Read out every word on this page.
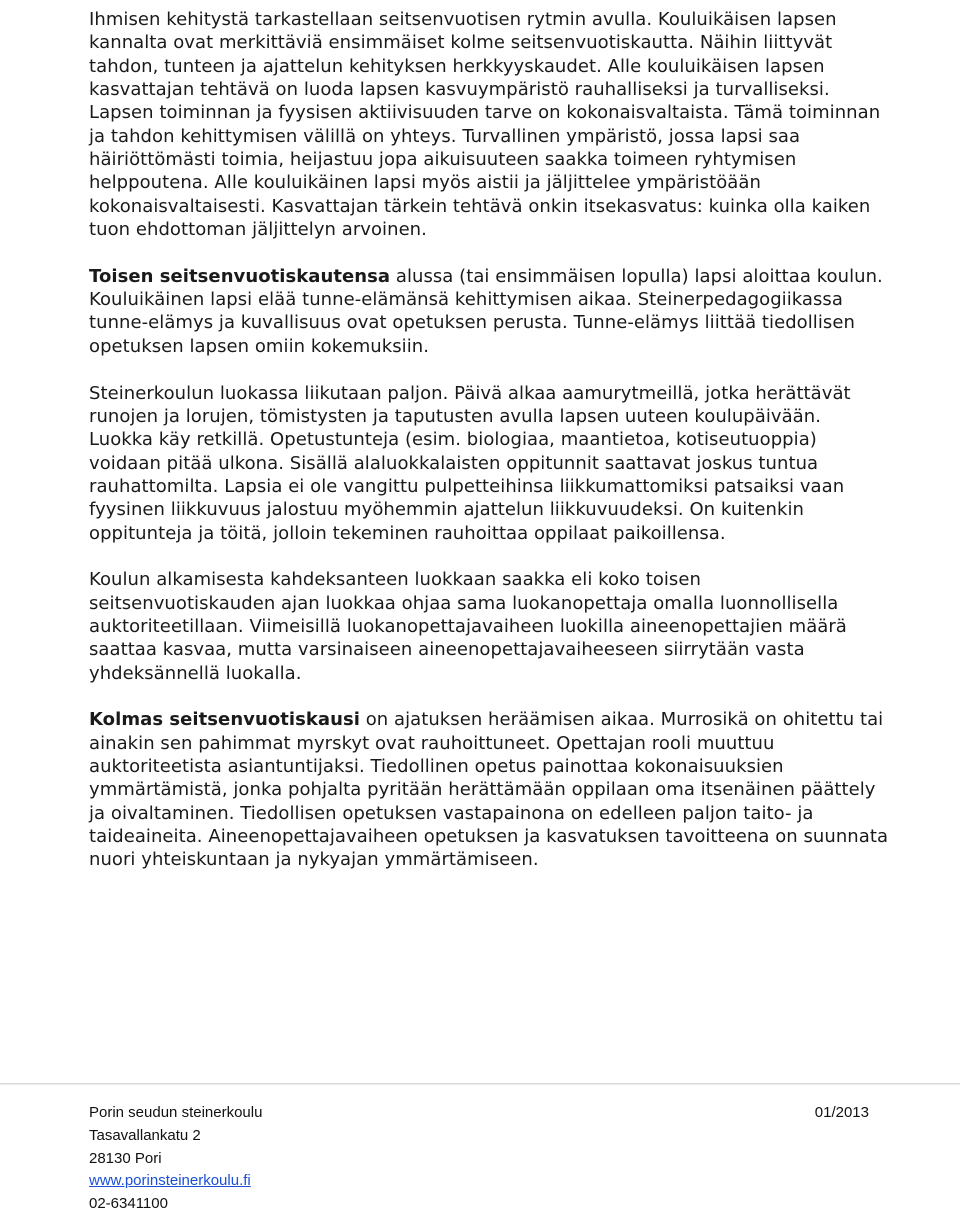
Ihmisen kehitystä tarkastellaan seitsenvuotisen rytmin avulla. Kouluikäisen lapsen kannalta ovat merkittäviä ensimmäiset kolme seitsenvuotiskautta. Näihin liittyvät tahdon, tunteen ja ajattelun kehityksen herkkyyskaudet. Alle kouluikäisen lapsen kasvattajan tehtävä on luoda lapsen kasvuympäristö rauhalliseksi ja turvalliseksi. Lapsen toiminnan ja fyysisen aktiivisuuden tarve on kokonaisvaltaista. Tämä toiminnan ja tahdon kehittymisen välillä on yhteys. Turvallinen ympäristö, jossa lapsi saa häiriöttömästi toimia, heijastuu jopa aikuisuuteen saakka toimeen ryhtymisen helppoutena. Alle kouluikäinen lapsi myös aistii ja jäljittelee ympäristöään kokonaisvaltaisesti. Kasvattajan tärkein tehtävä onkin itsekasvatus: kuinka olla kaiken tuon ehdottoman jäljittelyn arvoinen.

Toisen seitsenvuotiskautensa alussa (tai ensimmäisen lopulla) lapsi aloittaa koulun. Kouluikäinen lapsi elää tunne-elämänsä kehittymisen aikaa. Steinerpedagogiikassa tunne-elämys ja kuvallisuus ovat opetuksen perusta. Tunne-elämys liittää tiedollisen opetuksen lapsen omiin kokemuksiin.

Steinerkoulun luokassa liikutaan paljon. Päivä alkaa aamurytmeillä, jotka herättävät runojen ja lorujen, tömistysten ja taputusten avulla lapsen uuteen koulupäivään. Luokka käy retkillä. Opetustunteja (esim. biologiaa, maantietoa, kotiseutuoppia) voidaan pitää ulkona. Sisällä alaluokkalaisten oppitunnit saattavat joskus tuntua rauhattomilta. Lapsia ei ole vangittu pulpetteihinsa liikkumattomiksi patsaiksi vaan fyysinen liikkuvuus jalostuu myöhemmin ajattelun liikkuvuudeksi. On kuitenkin oppitunteja ja töitä, jolloin tekeminen rauhoittaa oppilaat paikoillensa.

Koulun alkamisesta kahdeksanteen luokkaan saakka eli koko toisen seitsenvuotiskauden ajan luokkaa ohjaa sama luokanopettaja omalla luonnollisella auktoriteetillaan. Viimeisillä luokanopettajavaiheen luokilla aineenopettajien määrä saattaa kasvaa, mutta varsinaiseen aineenopettajavaiheeseen siirrytään vasta yhdeksännellä luokalla.

Kolmas seitsenvuotiskausi on ajatuksen heräämisen aikaa. Murrosikä on ohitettu tai ainakin sen pahimmat myrskyt ovat rauhoittuneet. Opettajan rooli muuttuu auktoriteetista asiantuntijaksi. Tiedollinen opetus painottaa kokonaisuuksien ymmärtämistä, jonka pohjalta pyritään herättämään oppilaan oma itsenäinen päättely ja oivaltaminen. Tiedollisen opetuksen vastapainona on edelleen paljon taito- ja taideaineita. Aineenopettajavaiheen opetuksen ja kasvatuksen tavoitteena on suunnata nuori yhteiskuntaan ja nykyajan ymmärtämiseen.

Porin seudun steinerkoulu	01/2013
Tasavallankatu 2
28130 Pori
www.porinsteinerkoulu.fi
02-6341100
